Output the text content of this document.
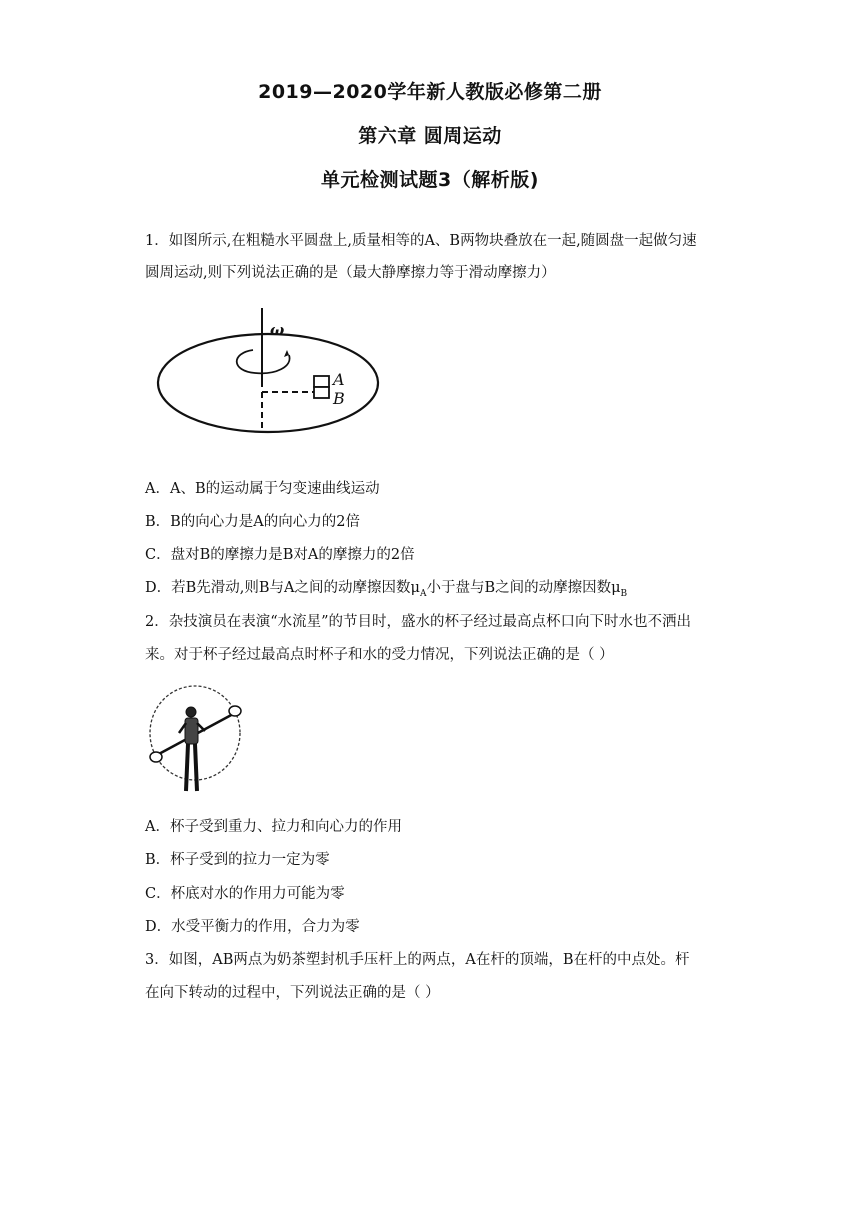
2019—2020学年新人教版必修第二册
第六章 圆周运动
单元检测试题3（解析版)
1．如图所示,在粗糙水平圆盘上,质量相等的A、B两物块叠放在一起,随圆盘一起做匀速
圆周运动,则下列说法正确的是（最大静摩擦力等于滑动摩擦力）
ω
A
B
A．A、B的运动属于匀变速曲线运动
B．B的向心力是A的向心力的2倍
C．盘对B的摩擦力是B对A的摩擦力的2倍
D．若B先滑动,则B与A之间的动摩擦因数$\mu_A$小于盘与B之间的动摩擦因数$\mu_B$
2．杂技演员在表演“水流星”的节目时，盛水的杯子经过最高点杯口向下时水也不洒出
来。对于杯子经过最高点时杯子和水的受力情况，下列说法正确的是（ ）
A．杯子受到重力、拉力和向心力的作用
B．杯子受到的拉力一定为零
C．杯底对水的作用力可能为零
D．水受平衡力的作用，合力为零
3．如图，AB两点为奶茶塑封机手压杆上的两点，A在杆的顶端，B在杆的中点处。杆
在向下转动的过程中，下列说法正确的是（ ）
